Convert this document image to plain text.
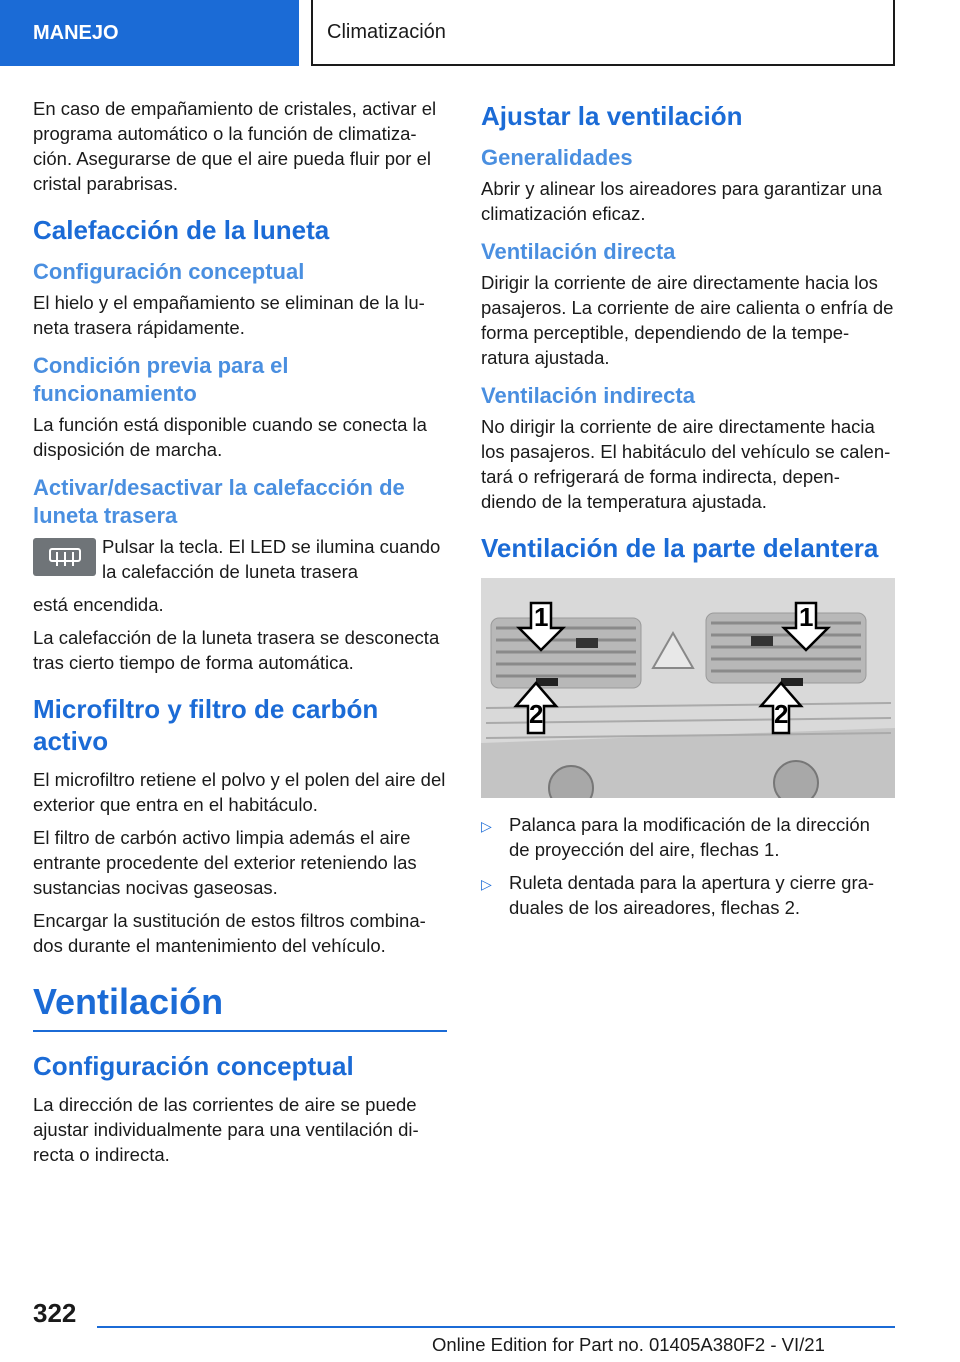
MANEJO	Climatización

En caso de empañamiento de cristales, activar el programa automático o la función de climatiza-ción. Asegurarse de que el aire pueda fluir por el cristal parabrisas.

Calefacción de la luneta
Configuración conceptual

El hielo y el empañamiento se eliminan de la lu-neta trasera rápidamente.

Condición previa para el funcionamiento

La función está disponible cuando se conecta la disposición de marcha.

Activar/desactivar la calefacción de luneta trasera

Pulsar la tecla. El LED se ilumina cuando la calefacción de luneta trasera

está encendida.

La calefacción de la luneta trasera se desconecta tras cierto tiempo de forma automática.

Microfiltro y filtro de carbón activo

El microfiltro retiene el polvo y el polen del aire del exterior que entra en el habitáculo.

El filtro de carbón activo limpia además el aire entrante procedente del exterior reteniendo las sustancias nocivas gaseosas.

Encargar la sustitución de estos filtros combina-dos durante el mantenimiento del vehículo.

Ventilación
Configuración conceptual

La dirección de las corrientes de aire se puede ajustar individualmente para una ventilación di-recta o indirecta.

Ajustar la ventilación
Generalidades

Abrir y alinear los aireadores para garantizar una climatización eficaz.

Ventilación directa

Dirigir la corriente de aire directamente hacia los pasajeros. La corriente de aire calienta o enfría de forma perceptible, dependiendo de la tempe-ratura ajustada.

Ventilación indirecta

No dirigir la corriente de aire directamente hacia los pasajeros. El habitáculo del vehículo se calen-tará o refrigerará de forma indirecta, depen-diendo de la temperatura ajustada.

Ventilación de la parte delantera
1	1
2	2
▷ Palanca para la modificación de la dirección de proyección del aire, flechas 1.
▷ Ruleta dentada para la apertura y cierre gra-duales de los aireadores, flechas 2.
322
Online Edition for Part no. 01405A380F2 - VI/21
